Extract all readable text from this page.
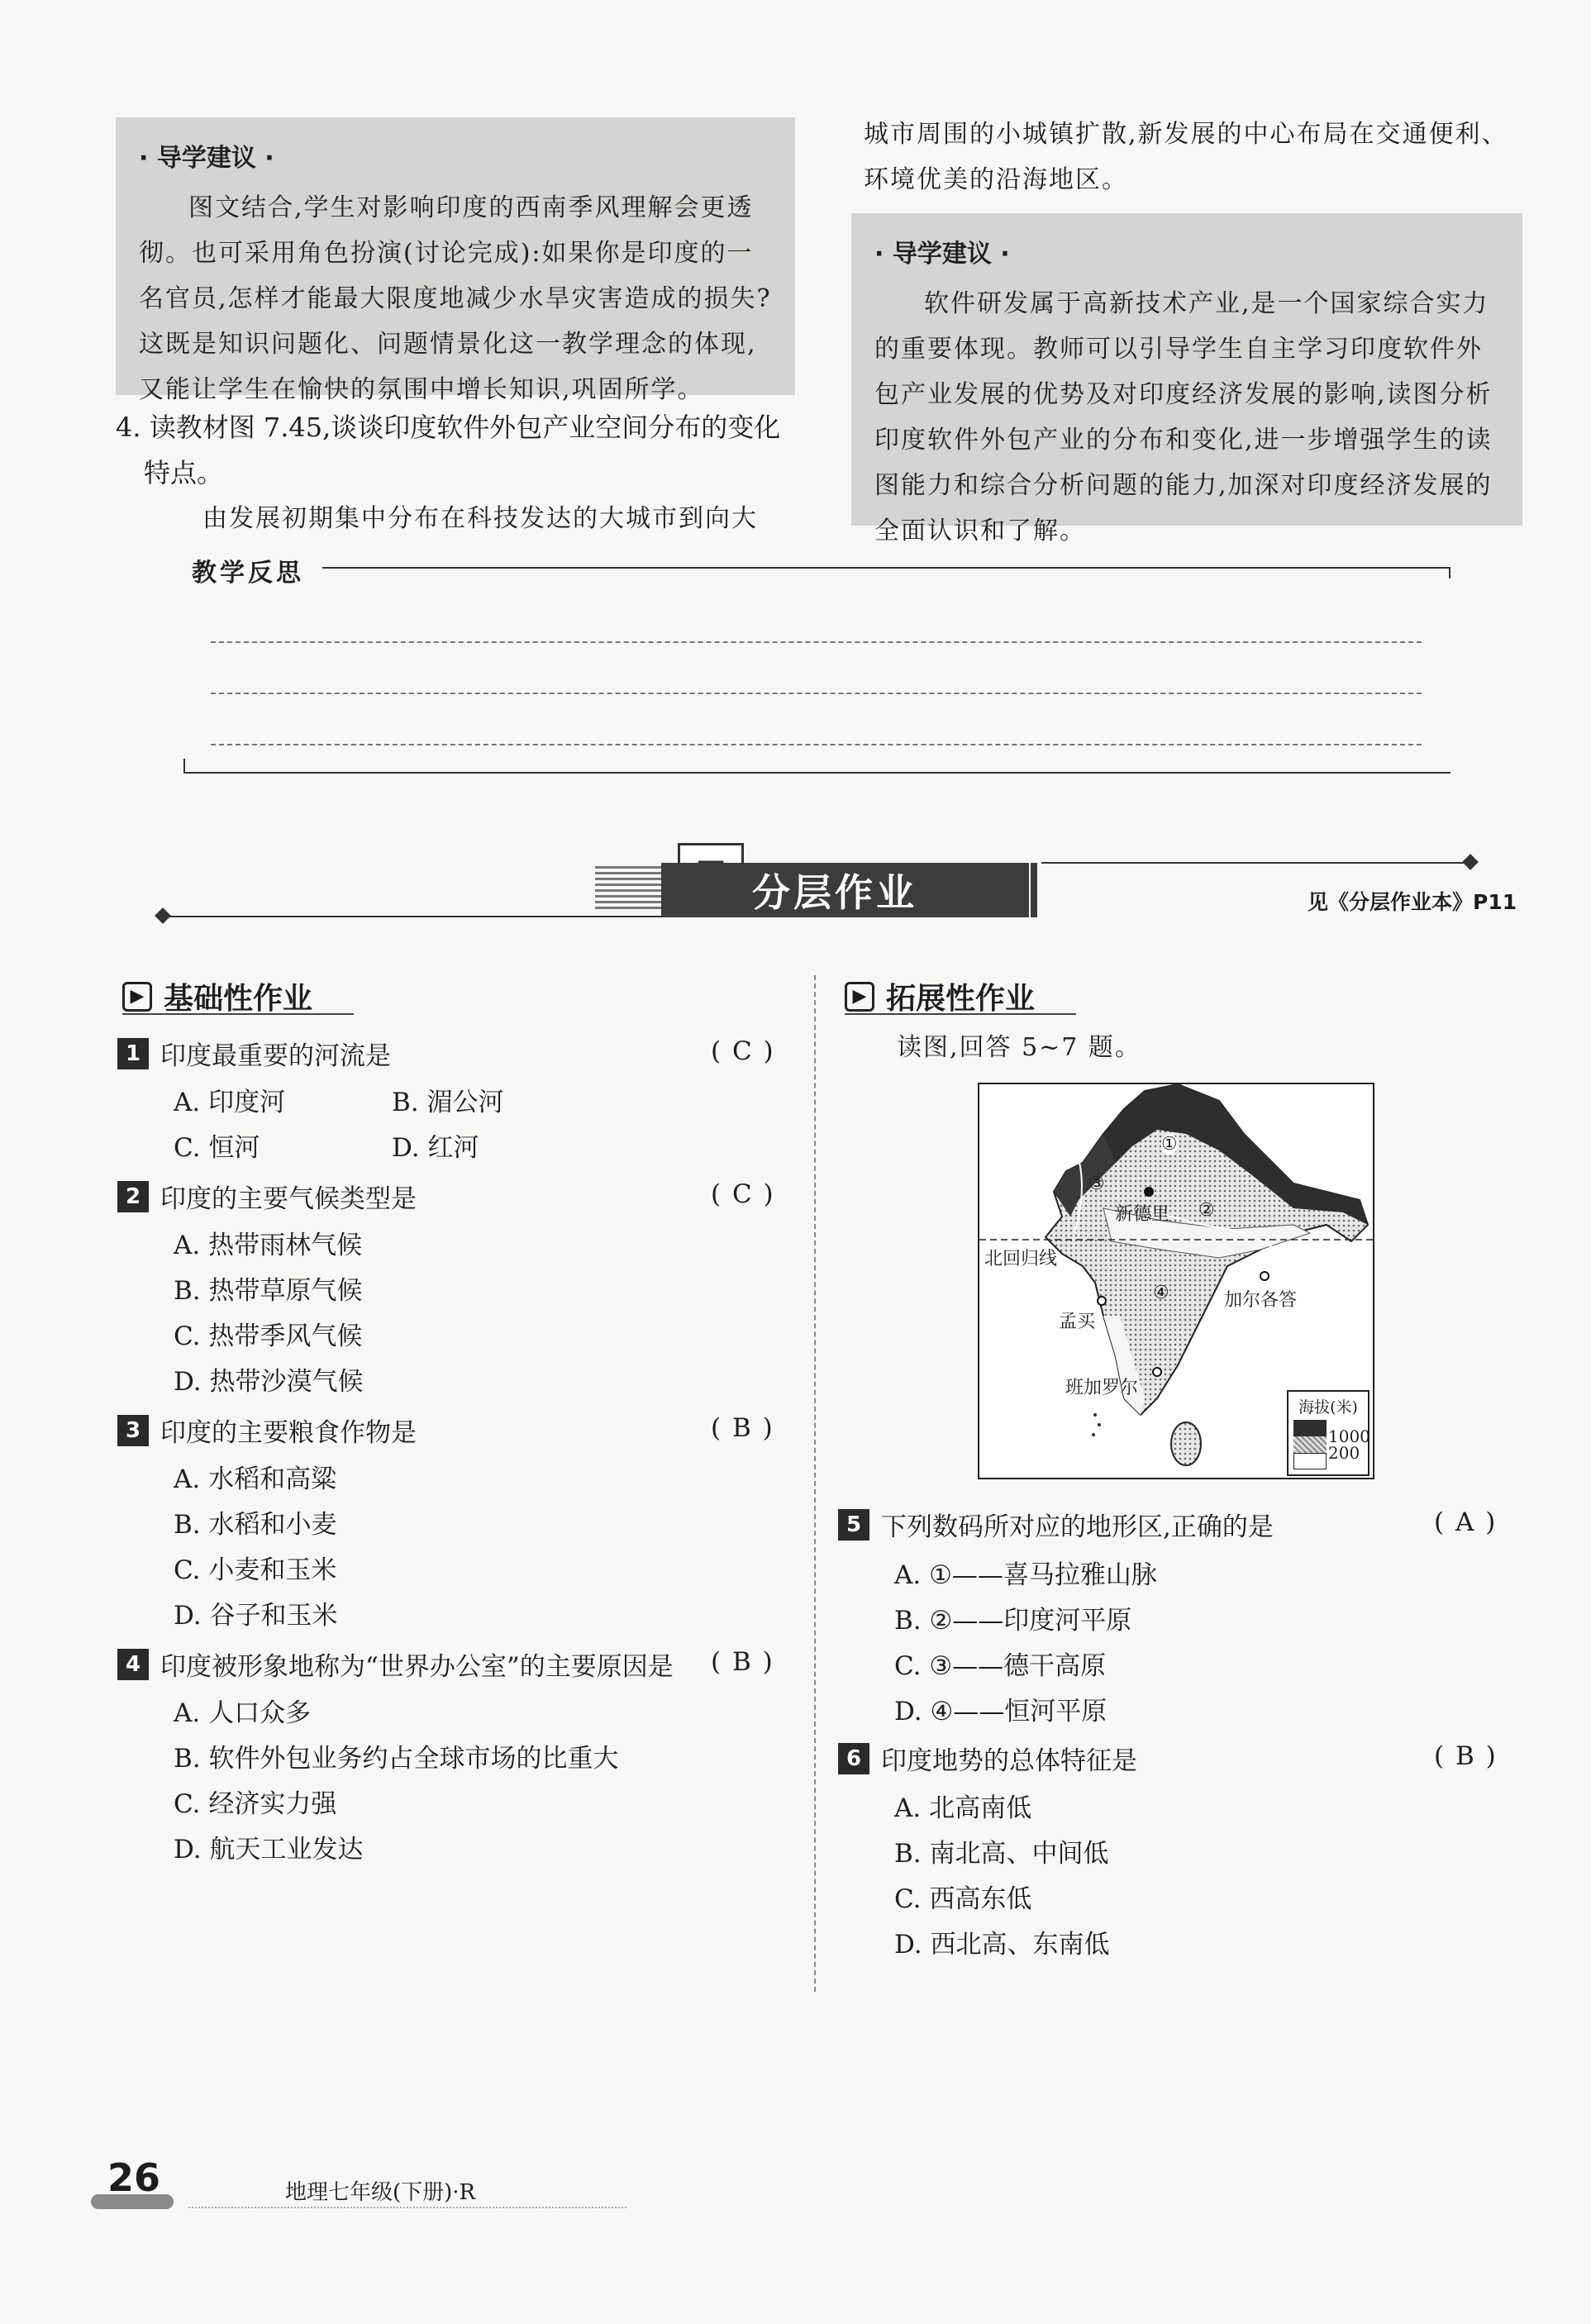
· 导学建议 ·
图文结合,学生对影响印度的西南季风理解会更透彻。也可采用角色扮演(讨论完成):如果你是印度的一名官员,怎样才能最大限度地减少水旱灾害造成的损失?这既是知识问题化、问题情景化这一教学理念的体现,又能让学生在愉快的氛围中增长知识,巩固所学。
4. 读教材图 7.45,谈谈印度软件外包产业空间分布的变化
特点。
由发展初期集中分布在科技发达的大城市到向大
城市周围的小城镇扩散,新发展的中心布局在交通便利、环境优美的沿海地区。
· 导学建议 ·
软件研发属于高新技术产业,是一个国家综合实力的重要体现。教师可以引导学生自主学习印度软件外包产业发展的优势及对印度经济发展的影响,读图分析印度软件外包产业的分布和变化,进一步增强学生的读图能力和综合分析问题的能力,加深对印度经济发展的全面认识和了解。
教学反思
分层作业	见《分层作业本》P11
▶ 基础性作业
1 印度最重要的河流是	( C )
A. 印度河	B. 湄公河
C. 恒河	D. 红河
2 印度的主要气候类型是	( C )
A. 热带雨林气候
B. 热带草原气候
C. 热带季风气候
D. 热带沙漠气候
3 印度的主要粮食作物是	( B )
A. 水稻和高粱
B. 水稻和小麦
C. 小麦和玉米
D. 谷子和玉米
4 印度被形象地称为“世界办公室”的主要原因是 ( B )
A. 人口众多
B. 软件外包业务约占全球市场的比重大
C. 经济实力强
D. 航天工业发达
▶ 拓展性作业
读图,回答 5~7 题。
①
②
③
④
新德里
北回归线
孟买
加尔各答
班加罗尔
海拔(米)
1000
200
5 下列数码所对应的地形区,正确的是	( A )
A. ①——喜马拉雅山脉
B. ②——印度河平原
C. ③——德干高原
D. ④——恒河平原
6 印度地势的总体特征是	( B )
A. 北高南低
B. 南北高、中间低
C. 西高东低
D. 西北高、东南低
26	地理七年级(下册)·R
